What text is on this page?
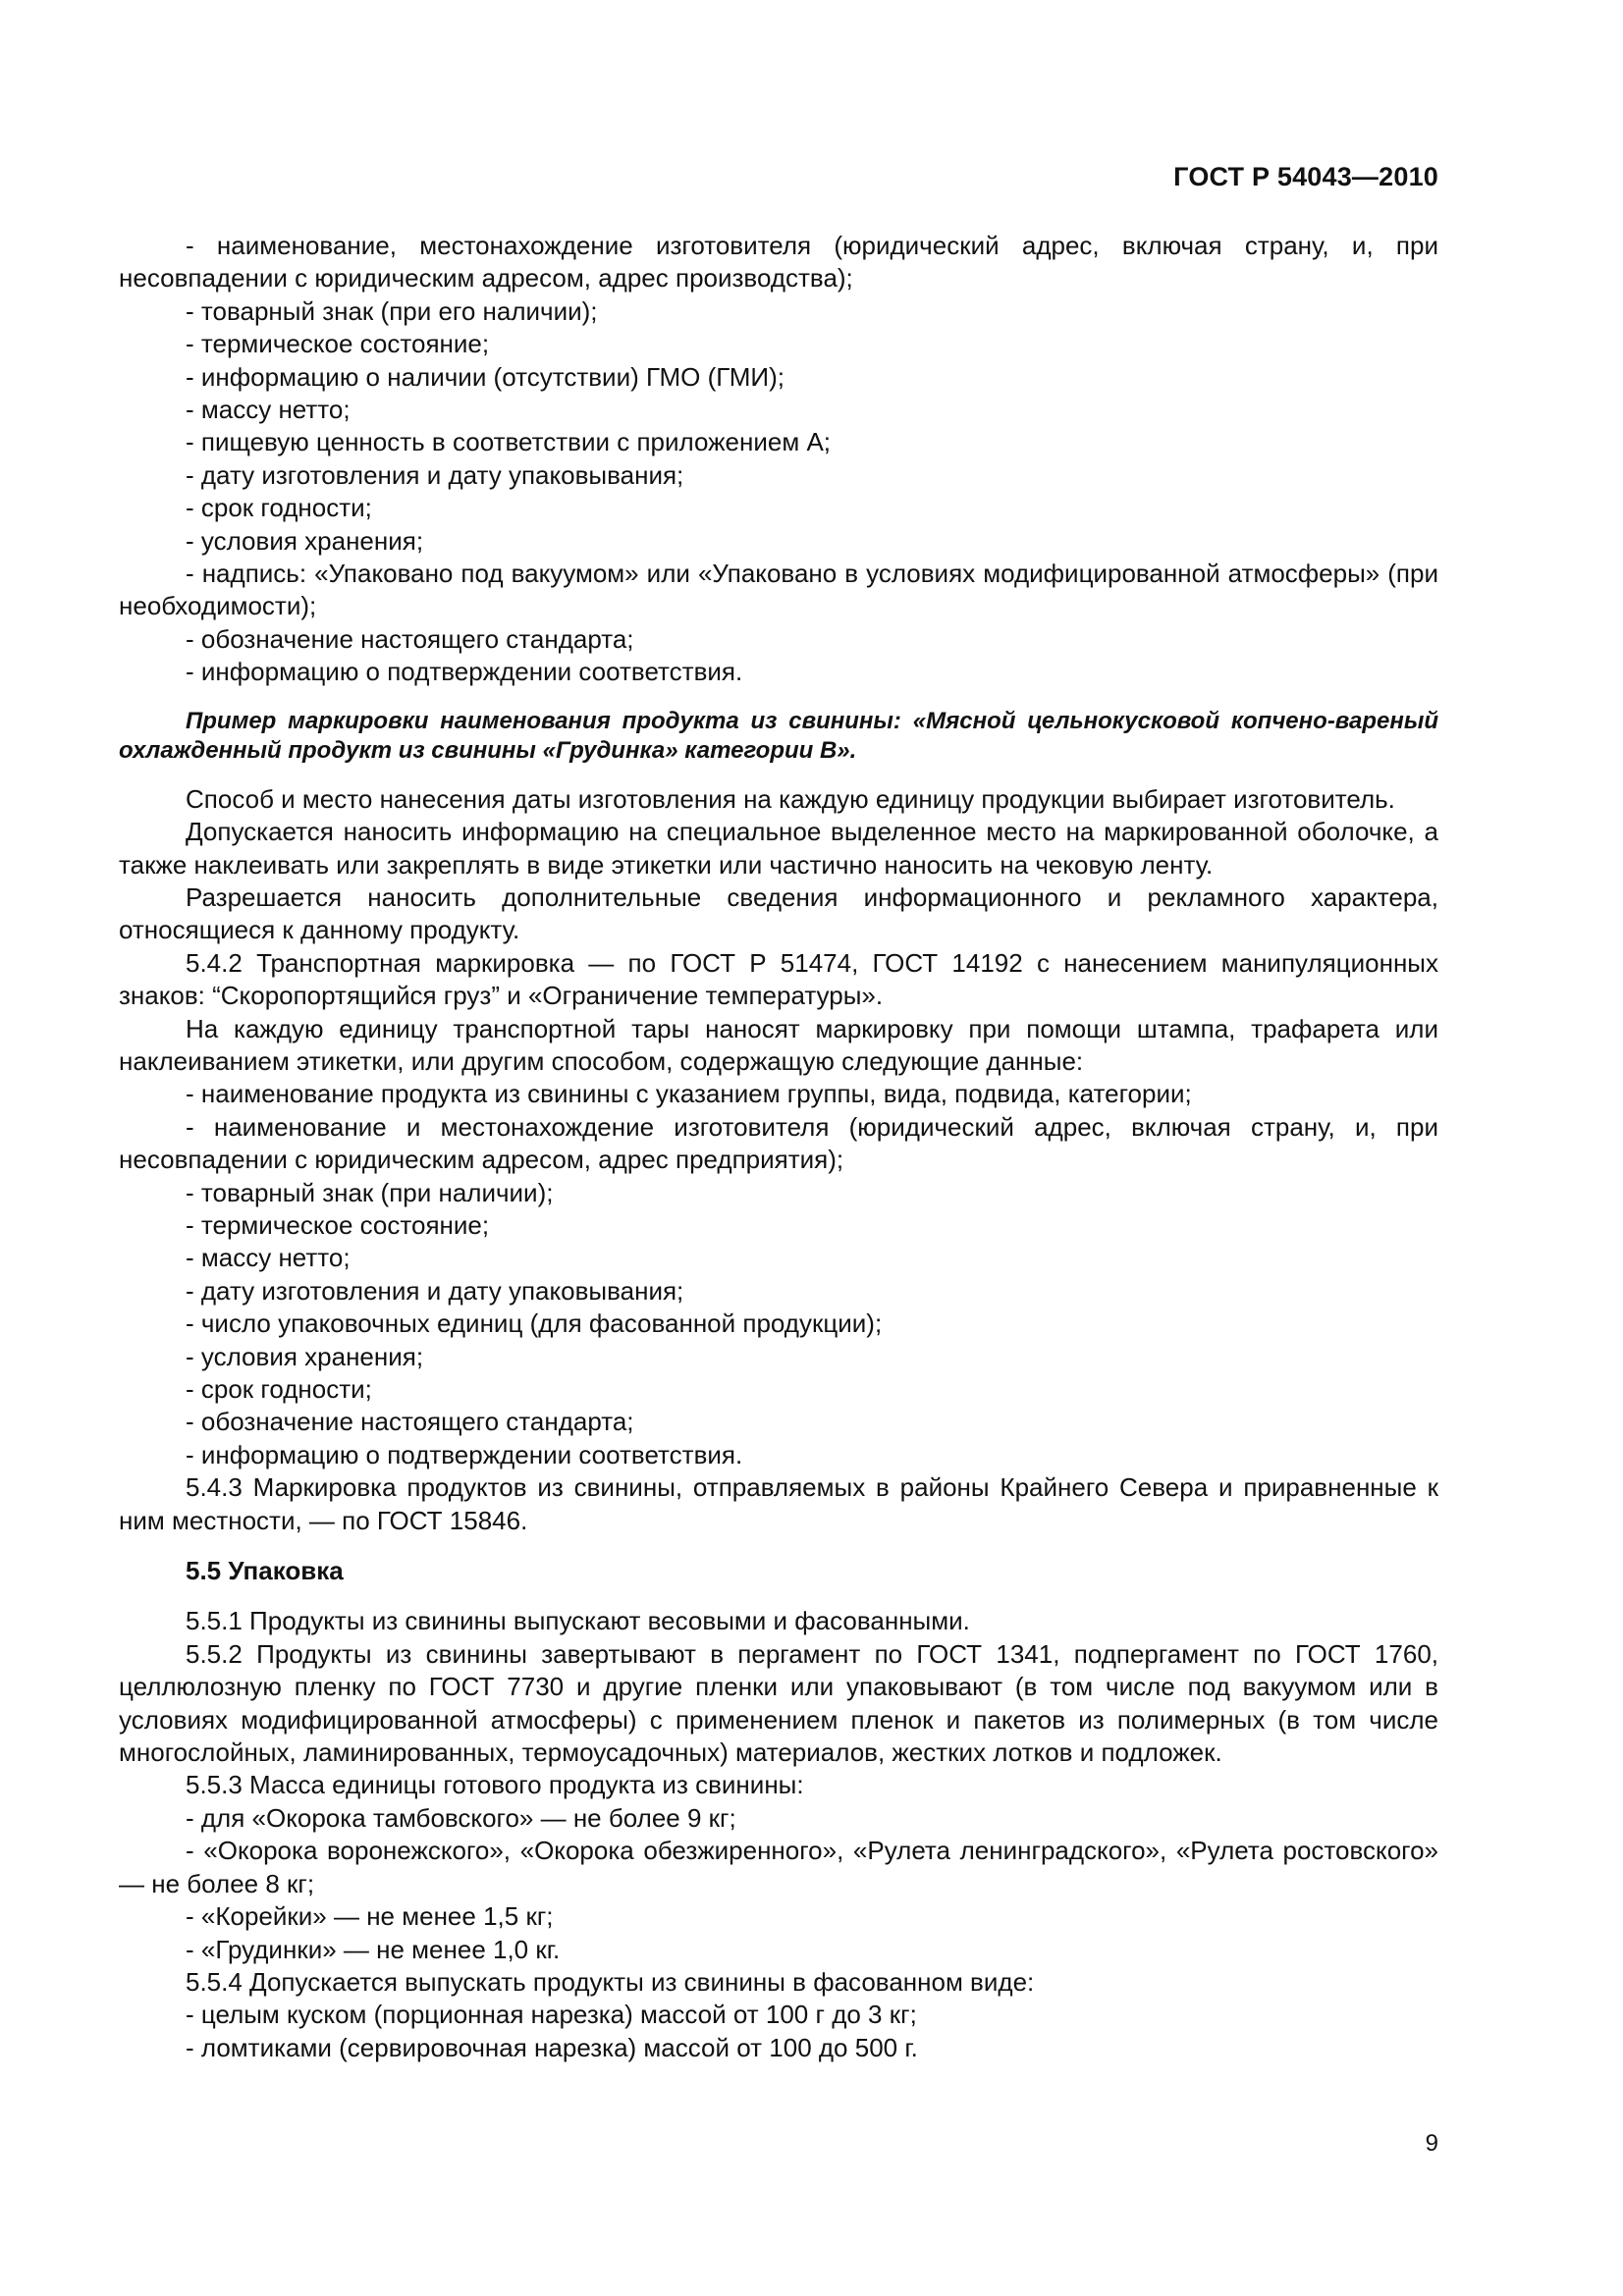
ГОСТ Р 54043—2010

- наименование, местонахождение изготовителя (юридический адрес, включая страну, и, при несовпадении с юридическим адресом, адрес производства);

- товарный знак (при его наличии);

- термическое состояние;

- информацию о наличии (отсутствии) ГМО (ГМИ);

- массу нетто;

- пищевую ценность в соответствии с приложением А;

- дату изготовления и дату упаковывания;

- срок годности;

- условия хранения;

- надпись: «Упаковано под вакуумом» или «Упаковано в условиях модифицированной атмосферы» (при необходимости);

- обозначение настоящего стандарта;

- информацию о подтверждении соответствия.

Пример маркировки наименования продукта из свинины: «Мясной цельнокусковой копчено-вареный охлажденный продукт из свинины «Грудинка» категории В».

Способ и место нанесения даты изготовления на каждую единицу продукции выбирает изготовитель.

Допускается наносить информацию на специальное выделенное место на маркированной оболочке, а также наклеивать или закреплять в виде этикетки или частично наносить на чековую ленту.

Разрешается наносить дополнительные сведения информационного и рекламного характера, относящиеся к данному продукту.

5.4.2 Транспортная маркировка — по ГОСТ Р 51474, ГОСТ 14192 с нанесением манипуляционных знаков: “Скоропортящийся груз” и «Ограничение температуры».

На каждую единицу транспортной тары наносят маркировку при помощи штампа, трафарета или наклеиванием этикетки, или другим способом, содержащую следующие данные:

- наименование продукта из свинины с указанием группы, вида, подвида, категории;

- наименование и местонахождение изготовителя (юридический адрес, включая страну, и, при несовпадении с юридическим адресом, адрес предприятия);

- товарный знак (при наличии);

- термическое состояние;

- массу нетто;

- дату изготовления и дату упаковывания;

- число упаковочных единиц (для фасованной продукции);

- условия хранения;

- срок годности;

- обозначение настоящего стандарта;

- информацию о подтверждении соответствия.

5.4.3 Маркировка продуктов из свинины, отправляемых в районы Крайнего Севера и приравненные к ним местности, — по ГОСТ 15846.

5.5 Упаковка

5.5.1 Продукты из свинины выпускают весовыми и фасованными.

5.5.2 Продукты из свинины завертывают в пергамент по ГОСТ 1341, подпергамент по ГОСТ 1760, целлюлозную пленку по ГОСТ 7730 и другие пленки или упаковывают (в том числе под вакуумом или в условиях модифицированной атмосферы) с применением пленок и пакетов из полимерных (в том числе многослойных, ламинированных, термоусадочных) материалов, жестких лотков и подложек.

5.5.3 Масса единицы готового продукта из свинины:

- для «Окорока тамбовского» — не более 9 кг;

- «Окорока воронежского», «Окорока обезжиренного», «Рулета ленинградского», «Рулета ростовского» — не более 8 кг;

- «Корейки» — не менее 1,5 кг;

- «Грудинки» — не менее 1,0 кг.

5.5.4 Допускается выпускать продукты из свинины в фасованном виде:

- целым куском (порционная нарезка) массой от 100 г до 3 кг;

- ломтиками (сервировочная нарезка) массой от 100 до 500 г.

9
